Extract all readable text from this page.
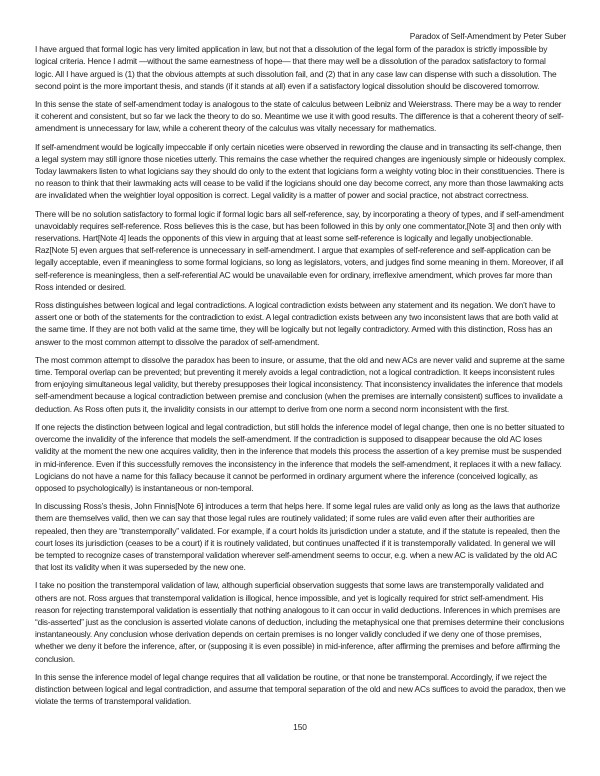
Paradox of Self-Amendment by Peter Suber

I have argued that formal logic has very limited application in law, but not that a dissolution of the legal form of the paradox is strictly impossible by logical criteria. Hence I admit —without the same earnestness of hope— that there may well be a dissolution of the paradox satisfactory to formal logic. All I have argued is (1) that the obvious attempts at such dissolution fail, and (2) that in any case law can dispense with such a dissolution. The second point is the more important thesis, and stands (if it stands at all) even if a satisfactory logical dissolution should be discovered tomorrow.

In this sense the state of self-amendment today is analogous to the state of calculus between Leibniz and Weierstrass. There may be a way to render it coherent and consistent, but so far we lack the theory to do so. Meantime we use it with good results. The difference is that a coherent theory of self-amendment is unnecessary for law, while a coherent theory of the calculus was vitally necessary for mathematics.

If self-amendment would be logically impeccable if only certain niceties were observed in rewording the clause and in transacting its self-change, then a legal system may still ignore those niceties utterly. This remains the case whether the required changes are ingeniously simple or hideously complex. Today lawmakers listen to what logicians say they should do only to the extent that logicians form a weighty voting bloc in their constituencies. There is no reason to think that their lawmaking acts will cease to be valid if the logicians should one day become correct, any more than those lawmaking acts are invalidated when the weightier loyal opposition is correct. Legal validity is a matter of power and social practice, not abstract correctness.

There will be no solution satisfactory to formal logic if formal logic bars all self-reference, say, by incorporating a theory of types, and if self-amendment unavoidably requires self-reference. Ross believes this is the case, but has been followed in this by only one commentator,[Note 3] and then only with reservations. Hart[Note 4] leads the opponents of this view in arguing that at least some self-reference is logically and legally unobjectionable. Raz[Note 5] even argues that self-reference is unnecessary in self-amendment. I argue that examples of self-reference and self-application can be legally acceptable, even if meaningless to some formal logicians, so long as legislators, voters, and judges find some meaning in them. Moreover, if all self-reference is meaningless, then a self-referential AC would be unavailable even for ordinary, irreflexive amendment, which proves far more than Ross intended or desired.

Ross distinguishes between logical and legal contradictions. A logical contradiction exists between any statement and its negation. We don’t have to assert one or both of the statements for the contradiction to exist. A legal contradiction exists between any two inconsistent laws that are both valid at the same time. If they are not both valid at the same time, they will be logically but not legally contradictory. Armed with this distinction, Ross has an answer to the most common attempt to dissolve the paradox of self-amendment.

The most common attempt to dissolve the paradox has been to insure, or assume, that the old and new ACs are never valid and supreme at the same time. Temporal overlap can be prevented; but preventing it merely avoids a legal contradiction, not a logical contradiction. It keeps inconsistent rules from enjoying simultaneous legal validity, but thereby presupposes their logical inconsistency. That inconsistency invalidates the inference that models self-amendment because a logical contradiction between premise and conclusion (when the premises are internally consistent) suffices to invalidate a deduction. As Ross often puts it, the invalidity consists in our attempt to derive from one norm a second norm inconsistent with the first.

If one rejects the distinction between logical and legal contradiction, but still holds the inference model of legal change, then one is no better situated to overcome the invalidity of the inference that models the self-amendment. If the contradiction is supposed to disappear because the old AC loses validity at the moment the new one acquires validity, then in the inference that models this process the assertion of a key premise must be suspended in mid-inference. Even if this successfully removes the inconsistency in the inference that models the self-amendment, it replaces it with a new fallacy. Logicians do not have a name for this fallacy because it cannot be performed in ordinary argument where the inference (conceived logically, as opposed to psychologically) is instantaneous or non-temporal.

In discussing Ross’s thesis, John Finnis[Note 6] introduces a term that helps here. If some legal rules are valid only as long as the laws that authorize them are themselves valid, then we can say that those legal rules are routinely validated; if some rules are valid even after their authorities are repealed, then they are “transtemporally” validated. For example, if a court holds its jurisdiction under a statute, and if the statute is repealed, then the court loses its jurisdiction (ceases to be a court) if it is routinely validated, but continues unaffected if it is transtemporally validated. In general we will be tempted to recognize cases of transtemporal validation wherever self-amendment seems to occur, e.g. when a new AC is validated by the old AC that lost its validity when it was superseded by the new one.

I take no position the transtemporal validation of law, although superficial observation suggests that some laws are transtemporally validated and others are not. Ross argues that transtemporal validation is illogical, hence impossible, and yet is logically required for strict self-amendment. His reason for rejecting transtemporal validation is essentially that nothing analogous to it can occur in valid deductions. Inferences in which premises are “dis-asserted” just as the conclusion is asserted violate canons of deduction, including the metaphysical one that premises determine their conclusions instantaneously. Any conclusion whose derivation depends on certain premises is no longer validly concluded if we deny one of those premises, whether we deny it before the inference, after, or (supposing it is even possible) in mid-inference, after affirming the premises and before affirming the conclusion.

In this sense the inference model of legal change requires that all validation be routine, or that none be transtemporal. Accordingly, if we reject the distinction between logical and legal contradiction, and assume that temporal separation of the old and new ACs suffices to avoid the paradox, then we violate the terms of transtemporal validation.

150
